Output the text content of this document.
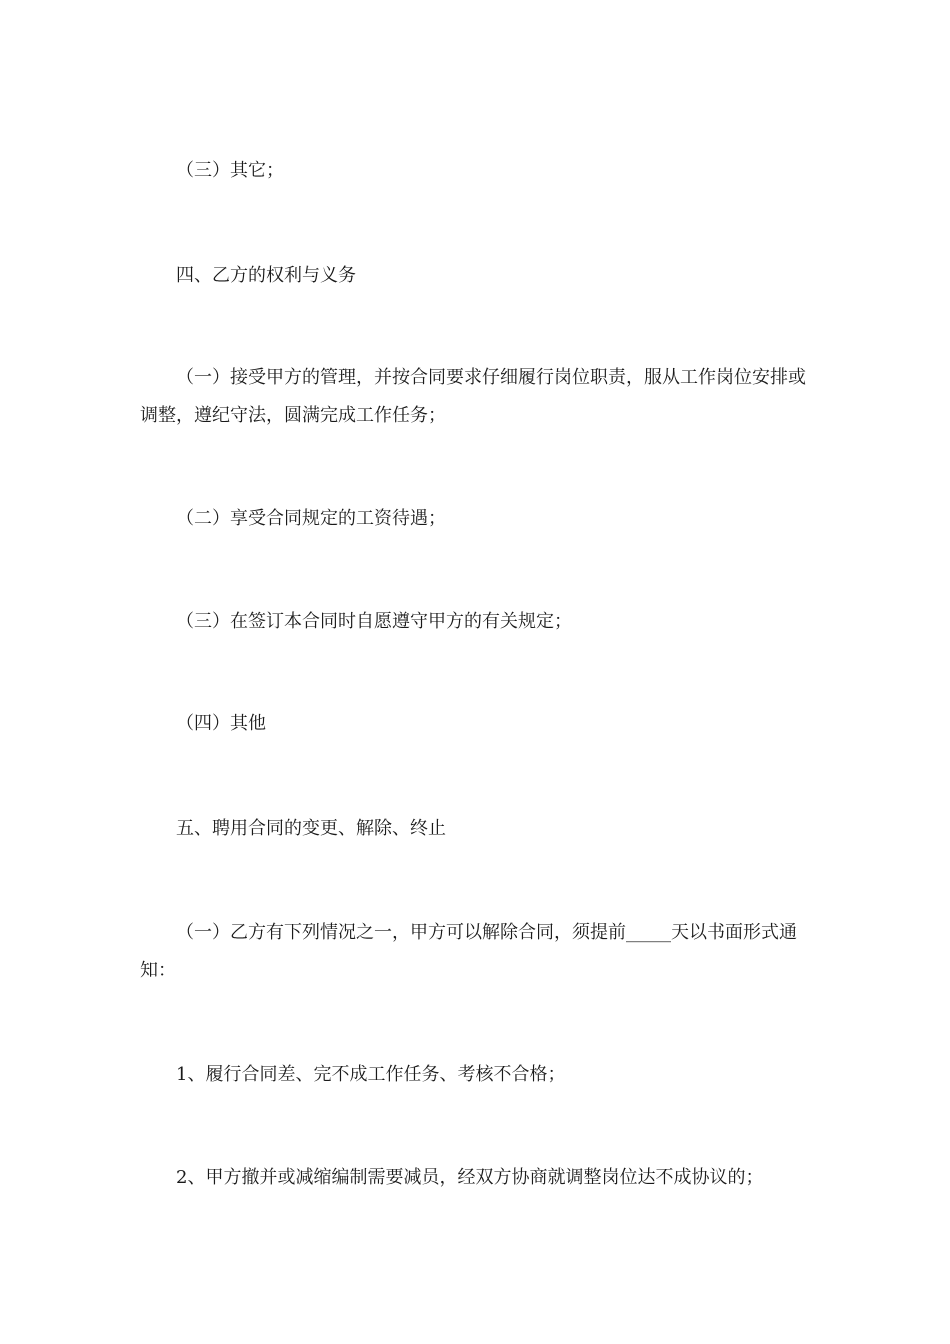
（三）其它；

四、乙方的权利与义务

（一）接受甲方的管理，并按合同要求仔细履行岗位职责，服从工作岗位安排或调整，遵纪守法，圆满完成工作任务；

（二）享受合同规定的工资待遇；

（三）在签订本合同时自愿遵守甲方的有关规定；

（四）其他

五、聘用合同的变更、解除、终止

（一）乙方有下列情况之一，甲方可以解除合同，须提前_____天以书面形式通知：

1、履行合同差、完不成工作任务、考核不合格；

2、甲方撤并或减缩编制需要减员，经双方协商就调整岗位达不成协议的；
